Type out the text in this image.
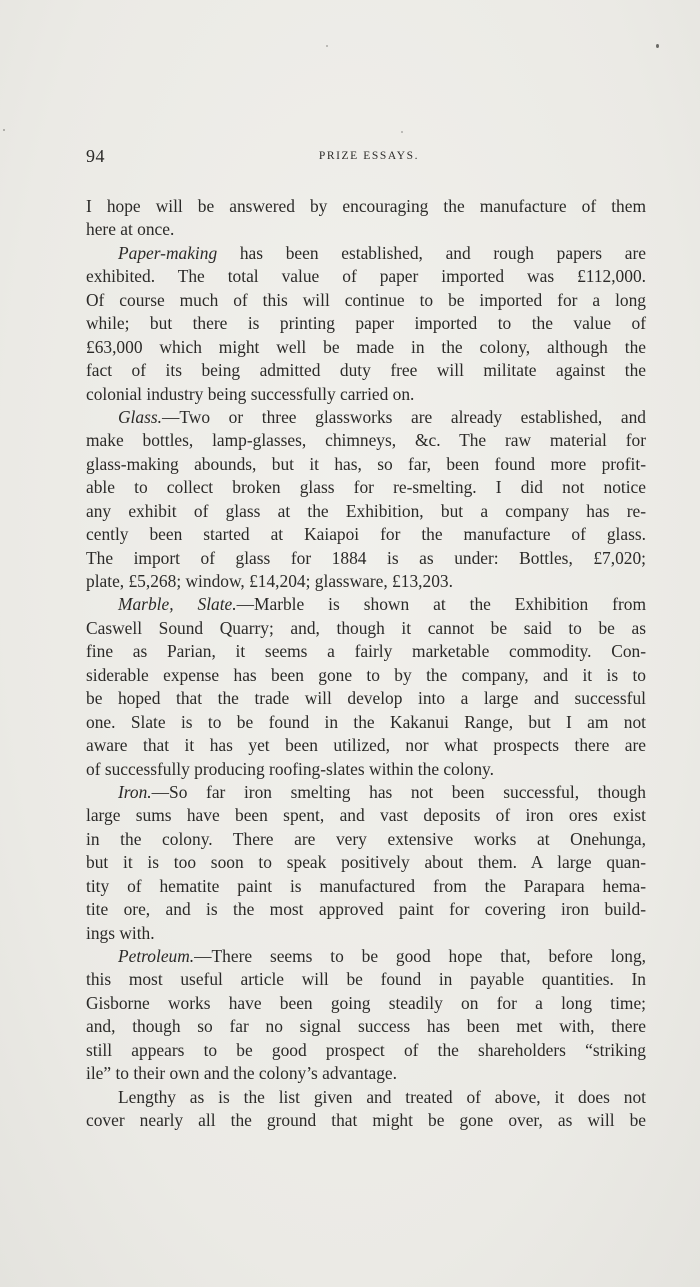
94	PRIZE ESSAYS.
I hope will be answered by encouraging the manufacture of them
here at once.
Paper-making has been established, and rough papers are
exhibited. The total value of paper imported was £112,000.
Of course much of this will continue to be imported for a long
while; but there is printing paper imported to the value of
£63,000 which might well be made in the colony, although the
fact of its being admitted duty free will militate against the
colonial industry being successfully carried on.
Glass.—Two or three glassworks are already established, and
make bottles, lamp-glasses, chimneys, &c. The raw material for
glass-making abounds, but it has, so far, been found more profit-
able to collect broken glass for re-smelting. I did not notice
any exhibit of glass at the Exhibition, but a company has re-
cently been started at Kaiapoi for the manufacture of glass.
The import of glass for 1884 is as under: Bottles, £7,020;
plate, £5,268; window, £14,204; glassware, £13,203.
Marble, Slate.—Marble is shown at the Exhibition from
Caswell Sound Quarry; and, though it cannot be said to be as
fine as Parian, it seems a fairly marketable commodity. Con-
siderable expense has been gone to by the company, and it is to
be hoped that the trade will develop into a large and successful
one. Slate is to be found in the Kakanui Range, but I am not
aware that it has yet been utilized, nor what prospects there are
of successfully producing roofing-slates within the colony.
Iron.—So far iron smelting has not been successful, though
large sums have been spent, and vast deposits of iron ores exist
in the colony. There are very extensive works at Onehunga,
but it is too soon to speak positively about them. A large quan-
tity of hematite paint is manufactured from the Parapara hema-
tite ore, and is the most approved paint for covering iron build-
ings with.
Petroleum.—There seems to be good hope that, before long,
this most useful article will be found in payable quantities. In
Gisborne works have been going steadily on for a long time;
and, though so far no signal success has been met with, there
still appears to be good prospect of the shareholders “striking
ile” to their own and the colony’s advantage.
Lengthy as is the list given and treated of above, it does not
cover nearly all the ground that might be gone over, as will be
